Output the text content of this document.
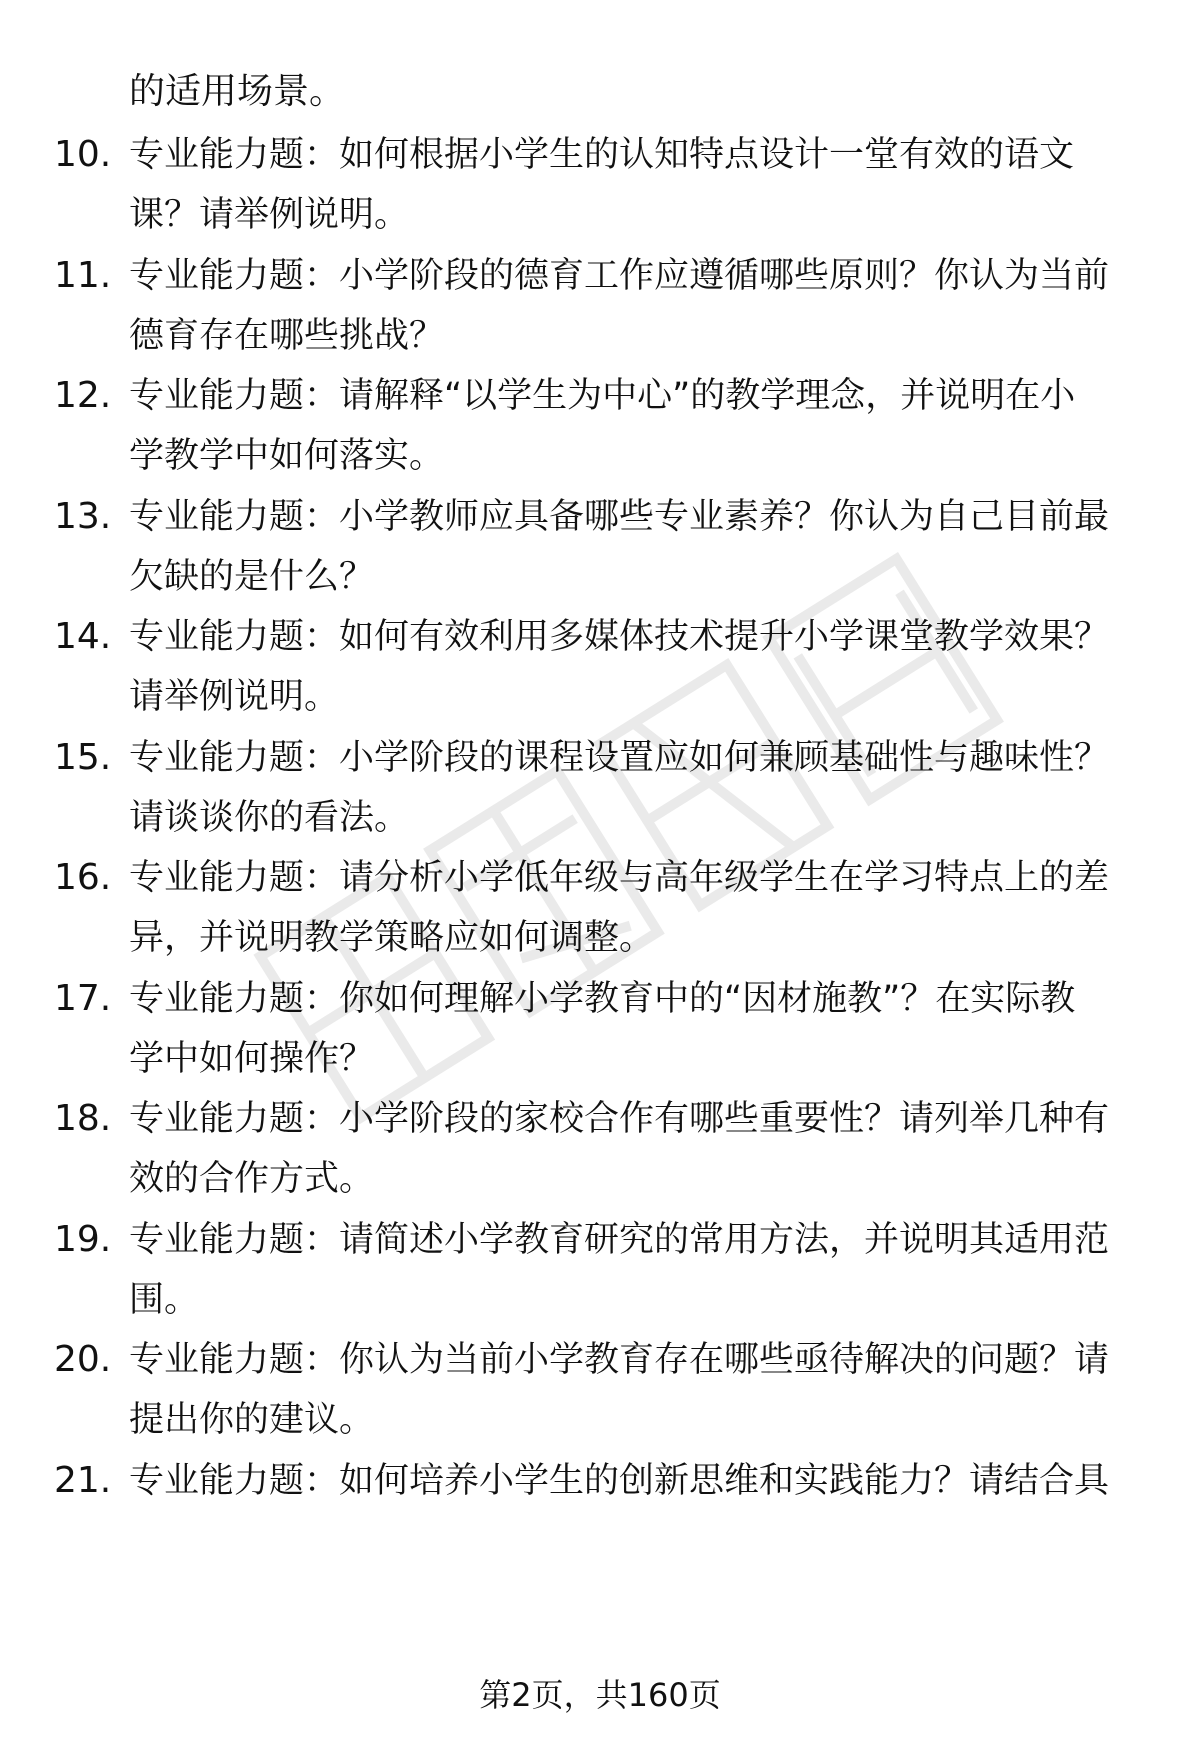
的适用场景。
10. 专业能力题：如何根据小学生的认知特点设计一堂有效的语文
课？请举例说明。
11. 专业能力题：小学阶段的德育工作应遵循哪些原则？你认为当前
德育存在哪些挑战？
12. 专业能力题：请解释“以学生为中心”的教学理念，并说明在小
学教学中如何落实。
13. 专业能力题：小学教师应具备哪些专业素养？你认为自己目前最
欠缺的是什么？
14. 专业能力题：如何有效利用多媒体技术提升小学课堂教学效果？
请举例说明。
15. 专业能力题：小学阶段的课程设置应如何兼顾基础性与趣味性？
请谈谈你的看法。
16. 专业能力题：请分析小学低年级与高年级学生在学习特点上的差
异，并说明教学策略应如何调整。
17. 专业能力题：你如何理解小学教育中的“因材施教”？在实际教
学中如何操作？
18. 专业能力题：小学阶段的家校合作有哪些重要性？请列举几种有
效的合作方式。
19. 专业能力题：请简述小学教育研究的常用方法，并说明其适用范
围。
20. 专业能力题：你认为当前小学教育存在哪些亟待解决的问题？请
提出你的建议。
21. 专业能力题：如何培养小学生的创新思维和实践能力？请结合具
第2页，共160页
